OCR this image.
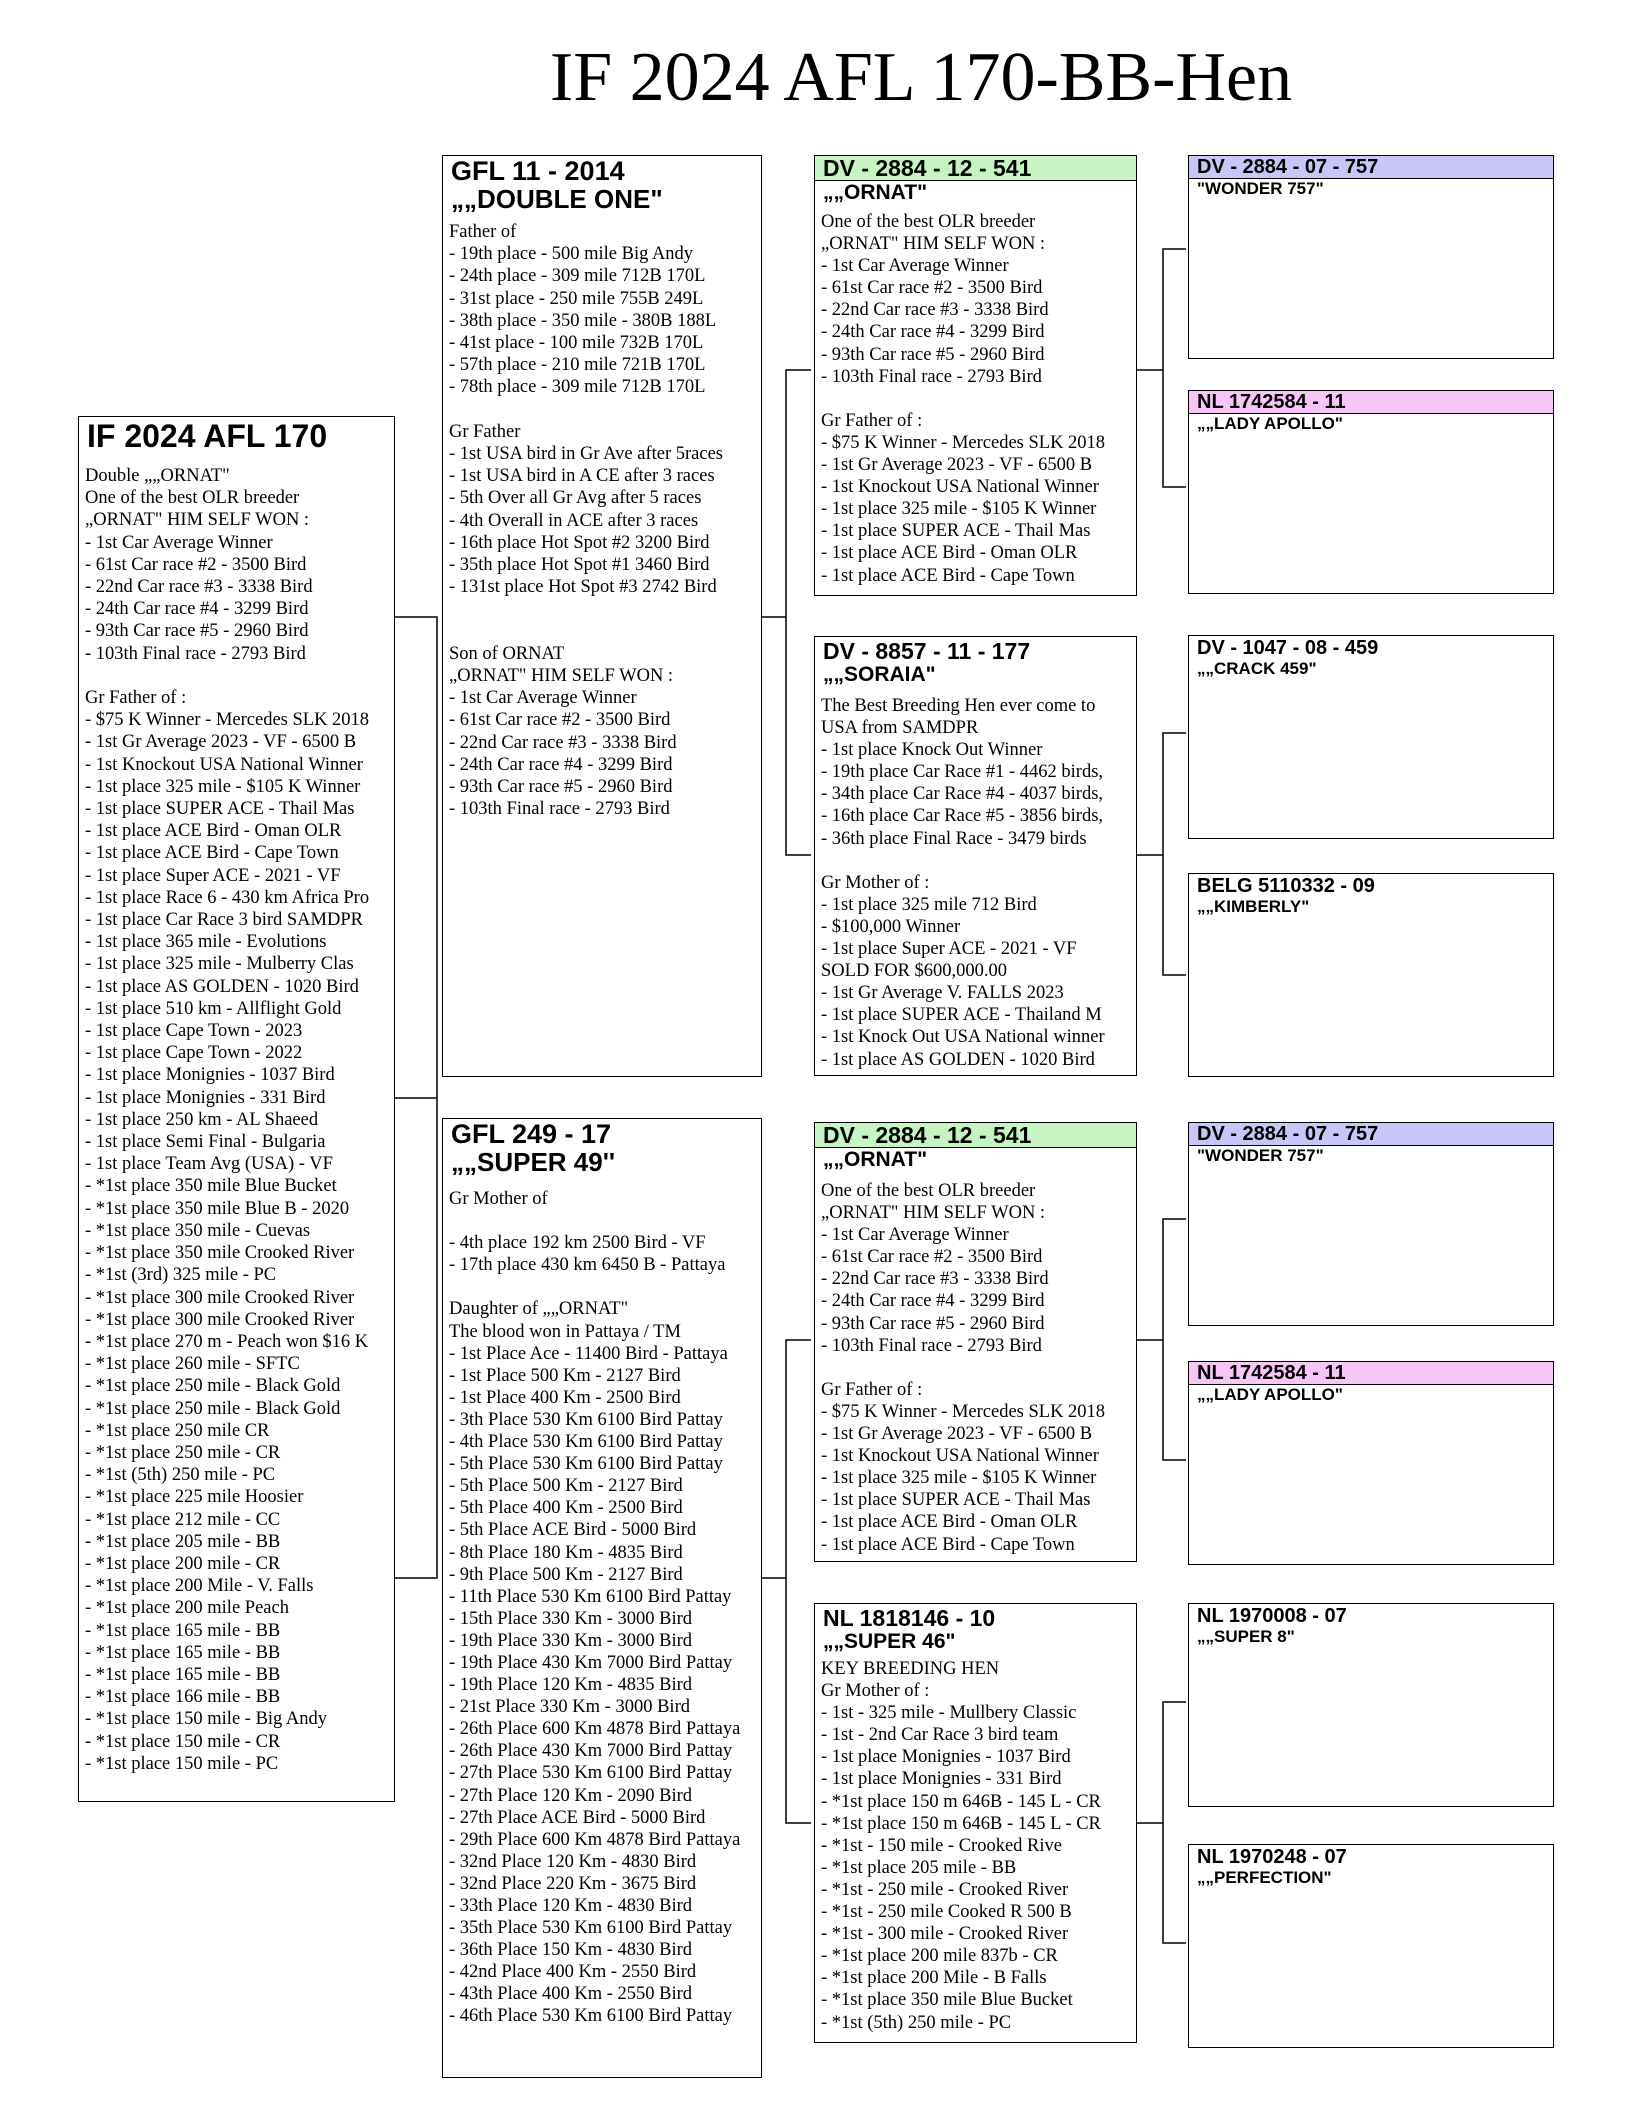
IF 2024 AFL 170-BB-Hen
IF 2024 AFL 170
Double „„ORNAT"
One of the best OLR breeder
„ORNAT" HIM SELF WON :
- 1st Car Average Winner
- 61st Car race #2 - 3500 Bird
- 22nd Car race #3 - 3338 Bird
- 24th Car race #4 - 3299 Bird
- 93th Car race #5 - 2960 Bird
- 103th Final race - 2793 Bird
Gr Father of :
- $75 K Winner - Mercedes SLK 2018
- 1st Gr Average 2023 - VF - 6500 B
- 1st Knockout USA National Winner
- 1st place 325 mile - $105 K Winner
- 1st place SUPER ACE - Thail Mas
- 1st place ACE Bird - Oman OLR
- 1st place ACE Bird - Cape Town
- 1st place Super ACE - 2021 - VF
- 1st place Race 6 - 430 km Africa Pro
- 1st place Car Race 3 bird SAMDPR
- 1st place 365 mile - Evolutions
- 1st place 325 mile - Mulberry Clas
- 1st place AS GOLDEN - 1020 Bird
- 1st place 510 km - Allflight Gold
- 1st place Cape Town - 2023
- 1st place Cape Town - 2022
- 1st place Monignies - 1037 Bird
- 1st place Monignies - 331 Bird
- 1st place 250 km - AL Shaeed
- 1st place Semi Final - Bulgaria
- 1st place Team Avg (USA) - VF
- *1st place 350 mile Blue Bucket
- *1st place 350 mile Blue B - 2020
- *1st place 350 mile - Cuevas
- *1st place 350 mile Crooked River
- *1st (3rd) 325 mile - PC
- *1st place 300 mile Crooked River
- *1st place 300 mile Crooked River
- *1st place 270 m - Peach won $16 K
- *1st place 260 mile - SFTC
- *1st place 250 mile - Black Gold
- *1st place 250 mile - Black Gold
- *1st place 250 mile CR
- *1st place 250 mile - CR
- *1st (5th) 250 mile - PC
- *1st place 225 mile Hoosier
- *1st place 212 mile - CC
- *1st place 205 mile - BB
- *1st place 200 mile - CR
- *1st place 200 Mile - V. Falls
- *1st place 200 mile Peach
- *1st place 165 mile - BB
- *1st place 165 mile - BB
- *1st place 165 mile - BB
- *1st place 166 mile - BB
- *1st place 150 mile - Big Andy
- *1st place 150 mile - CR
- *1st place 150 mile - PC
GFL 11 - 2014
„„DOUBLE ONE"
Father of
- 19th place - 500 mile Big Andy
- 24th place - 309 mile 712B 170L
- 31st place - 250 mile 755B 249L
- 38th place - 350 mile - 380B 188L
- 41st place - 100 mile 732B 170L
- 57th place - 210 mile 721B 170L
- 78th place - 309 mile 712B 170L
Gr Father
- 1st USA bird in Gr Ave after 5races
- 1st USA bird in A CE after 3 races
- 5th Over all Gr Avg after 5 races
- 4th Overall in ACE after 3 races
- 16th place Hot Spot #2 3200 Bird
- 35th place Hot Spot #1 3460 Bird
- 131st place Hot Spot #3 2742 Bird
Son of ORNAT
„ORNAT" HIM SELF WON :
- 1st Car Average Winner
- 61st Car race #2 - 3500 Bird
- 22nd Car race #3 - 3338 Bird
- 24th Car race #4 - 3299 Bird
- 93th Car race #5 - 2960 Bird
- 103th Final race - 2793 Bird
GFL 249 - 17
„„SUPER 49''
Gr Mother of
- 4th place 192 km 2500 Bird - VF
- 17th place 430 km 6450 B - Pattaya
Daughter of „„ORNAT"
The blood won in Pattaya / TM
- 1st Place Ace - 11400 Bird - Pattaya
- 1st Place 500 Km - 2127 Bird
- 1st Place 400 Km - 2500 Bird
- 3th Place 530 Km 6100 Bird Pattay
- 4th Place 530 Km 6100 Bird Pattay
- 5th Place 530 Km 6100 Bird Pattay
- 5th Place 500 Km - 2127 Bird
- 5th Place 400 Km - 2500 Bird
- 5th Place ACE Bird - 5000 Bird
- 8th Place 180 Km - 4835 Bird
- 9th Place 500 Km - 2127 Bird
- 11th Place 530 Km 6100 Bird Pattay
- 15th Place 330 Km - 3000 Bird
- 19th Place 330 Km - 3000 Bird
- 19th Place 430 Km 7000 Bird Pattay
- 19th Place 120 Km - 4835 Bird
- 21st Place 330 Km - 3000 Bird
- 26th Place 600 Km 4878 Bird Pattaya
- 26th Place 430 Km 7000 Bird Pattay
- 27th Place 530 Km 6100 Bird Pattay
- 27th Place 120 Km - 2090 Bird
- 27th Place ACE Bird - 5000 Bird
- 29th Place 600 Km 4878 Bird Pattaya
- 32nd Place 120 Km - 4830 Bird
- 32nd Place 220 Km - 3675 Bird
- 33th Place 120 Km - 4830 Bird
- 35th Place 530 Km 6100 Bird Pattay
- 36th Place 150 Km - 4830 Bird
- 42nd Place 400 Km - 2550 Bird
- 43th Place 400 Km - 2550 Bird
- 46th Place 530 Km 6100 Bird Pattay
DV - 2884 - 12 - 541
„„ORNAT"
One of the best OLR breeder
„ORNAT" HIM SELF WON :
- 1st Car Average Winner
- 61st Car race #2 - 3500 Bird
- 22nd Car race #3 - 3338 Bird
- 24th Car race #4 - 3299 Bird
- 93th Car race #5 - 2960 Bird
- 103th Final race - 2793 Bird
Gr Father of :
- $75 K Winner - Mercedes SLK 2018
- 1st Gr Average 2023 - VF - 6500 B
- 1st Knockout USA National Winner
- 1st place 325 mile - $105 K Winner
- 1st place SUPER ACE - Thail Mas
- 1st place ACE Bird - Oman OLR
- 1st place ACE Bird - Cape Town
DV - 8857 - 11 - 177
„„SORAIA"
The Best Breeding Hen ever come to
USA from SAMDPR
- 1st place Knock Out Winner
- 19th place Car Race #1 - 4462 birds,
- 34th place Car Race #4 - 4037 birds,
- 16th place Car Race #5 - 3856 birds,
- 36th place Final Race - 3479 birds
Gr Mother of :
- 1st place 325 mile 712 Bird
- $100,000 Winner
- 1st place Super ACE - 2021 - VF
SOLD FOR $600,000.00
- 1st Gr Average V. FALLS 2023
- 1st place SUPER ACE - Thailand M
- 1st Knock Out USA National winner
- 1st place AS GOLDEN - 1020 Bird
DV - 2884 - 12 - 541
„„ORNAT"
One of the best OLR breeder
„ORNAT" HIM SELF WON :
- 1st Car Average Winner
- 61st Car race #2 - 3500 Bird
- 22nd Car race #3 - 3338 Bird
- 24th Car race #4 - 3299 Bird
- 93th Car race #5 - 2960 Bird
- 103th Final race - 2793 Bird
Gr Father of :
- $75 K Winner - Mercedes SLK 2018
- 1st Gr Average 2023 - VF - 6500 B
- 1st Knockout USA National Winner
- 1st place 325 mile - $105 K Winner
- 1st place SUPER ACE - Thail Mas
- 1st place ACE Bird - Oman OLR
- 1st place ACE Bird - Cape Town
NL 1818146 - 10
„„SUPER 46"
KEY BREEDING HEN
Gr Mother of :
- 1st - 325 mile - Mullbery Classic
- 1st - 2nd Car Race 3 bird team
- 1st place Monignies - 1037 Bird
- 1st place Monignies - 331 Bird
- *1st place 150 m 646B - 145 L - CR
- *1st place 150 m 646B - 145 L - CR
- *1st - 150 mile - Crooked Rive
- *1st place 205 mile - BB
- *1st - 250 mile - Crooked River
- *1st - 250 mile Cooked R 500 B
- *1st - 300 mile - Crooked River
- *1st place 200 mile 837b - CR
- *1st place 200 Mile - B Falls
- *1st place 350 mile Blue Bucket
- *1st (5th) 250 mile - PC
DV - 2884 - 07 - 757
"WONDER 757"
NL 1742584 - 11
„„LADY APOLLO"
DV - 1047 - 08 - 459
„„CRACK 459"
BELG 5110332 - 09
„„KIMBERLY"
DV - 2884 - 07 - 757
"WONDER 757"
NL 1742584 - 11
„„LADY APOLLO"
NL 1970008 - 07
„„SUPER 8"
NL 1970248 - 07
„„PERFECTION"
